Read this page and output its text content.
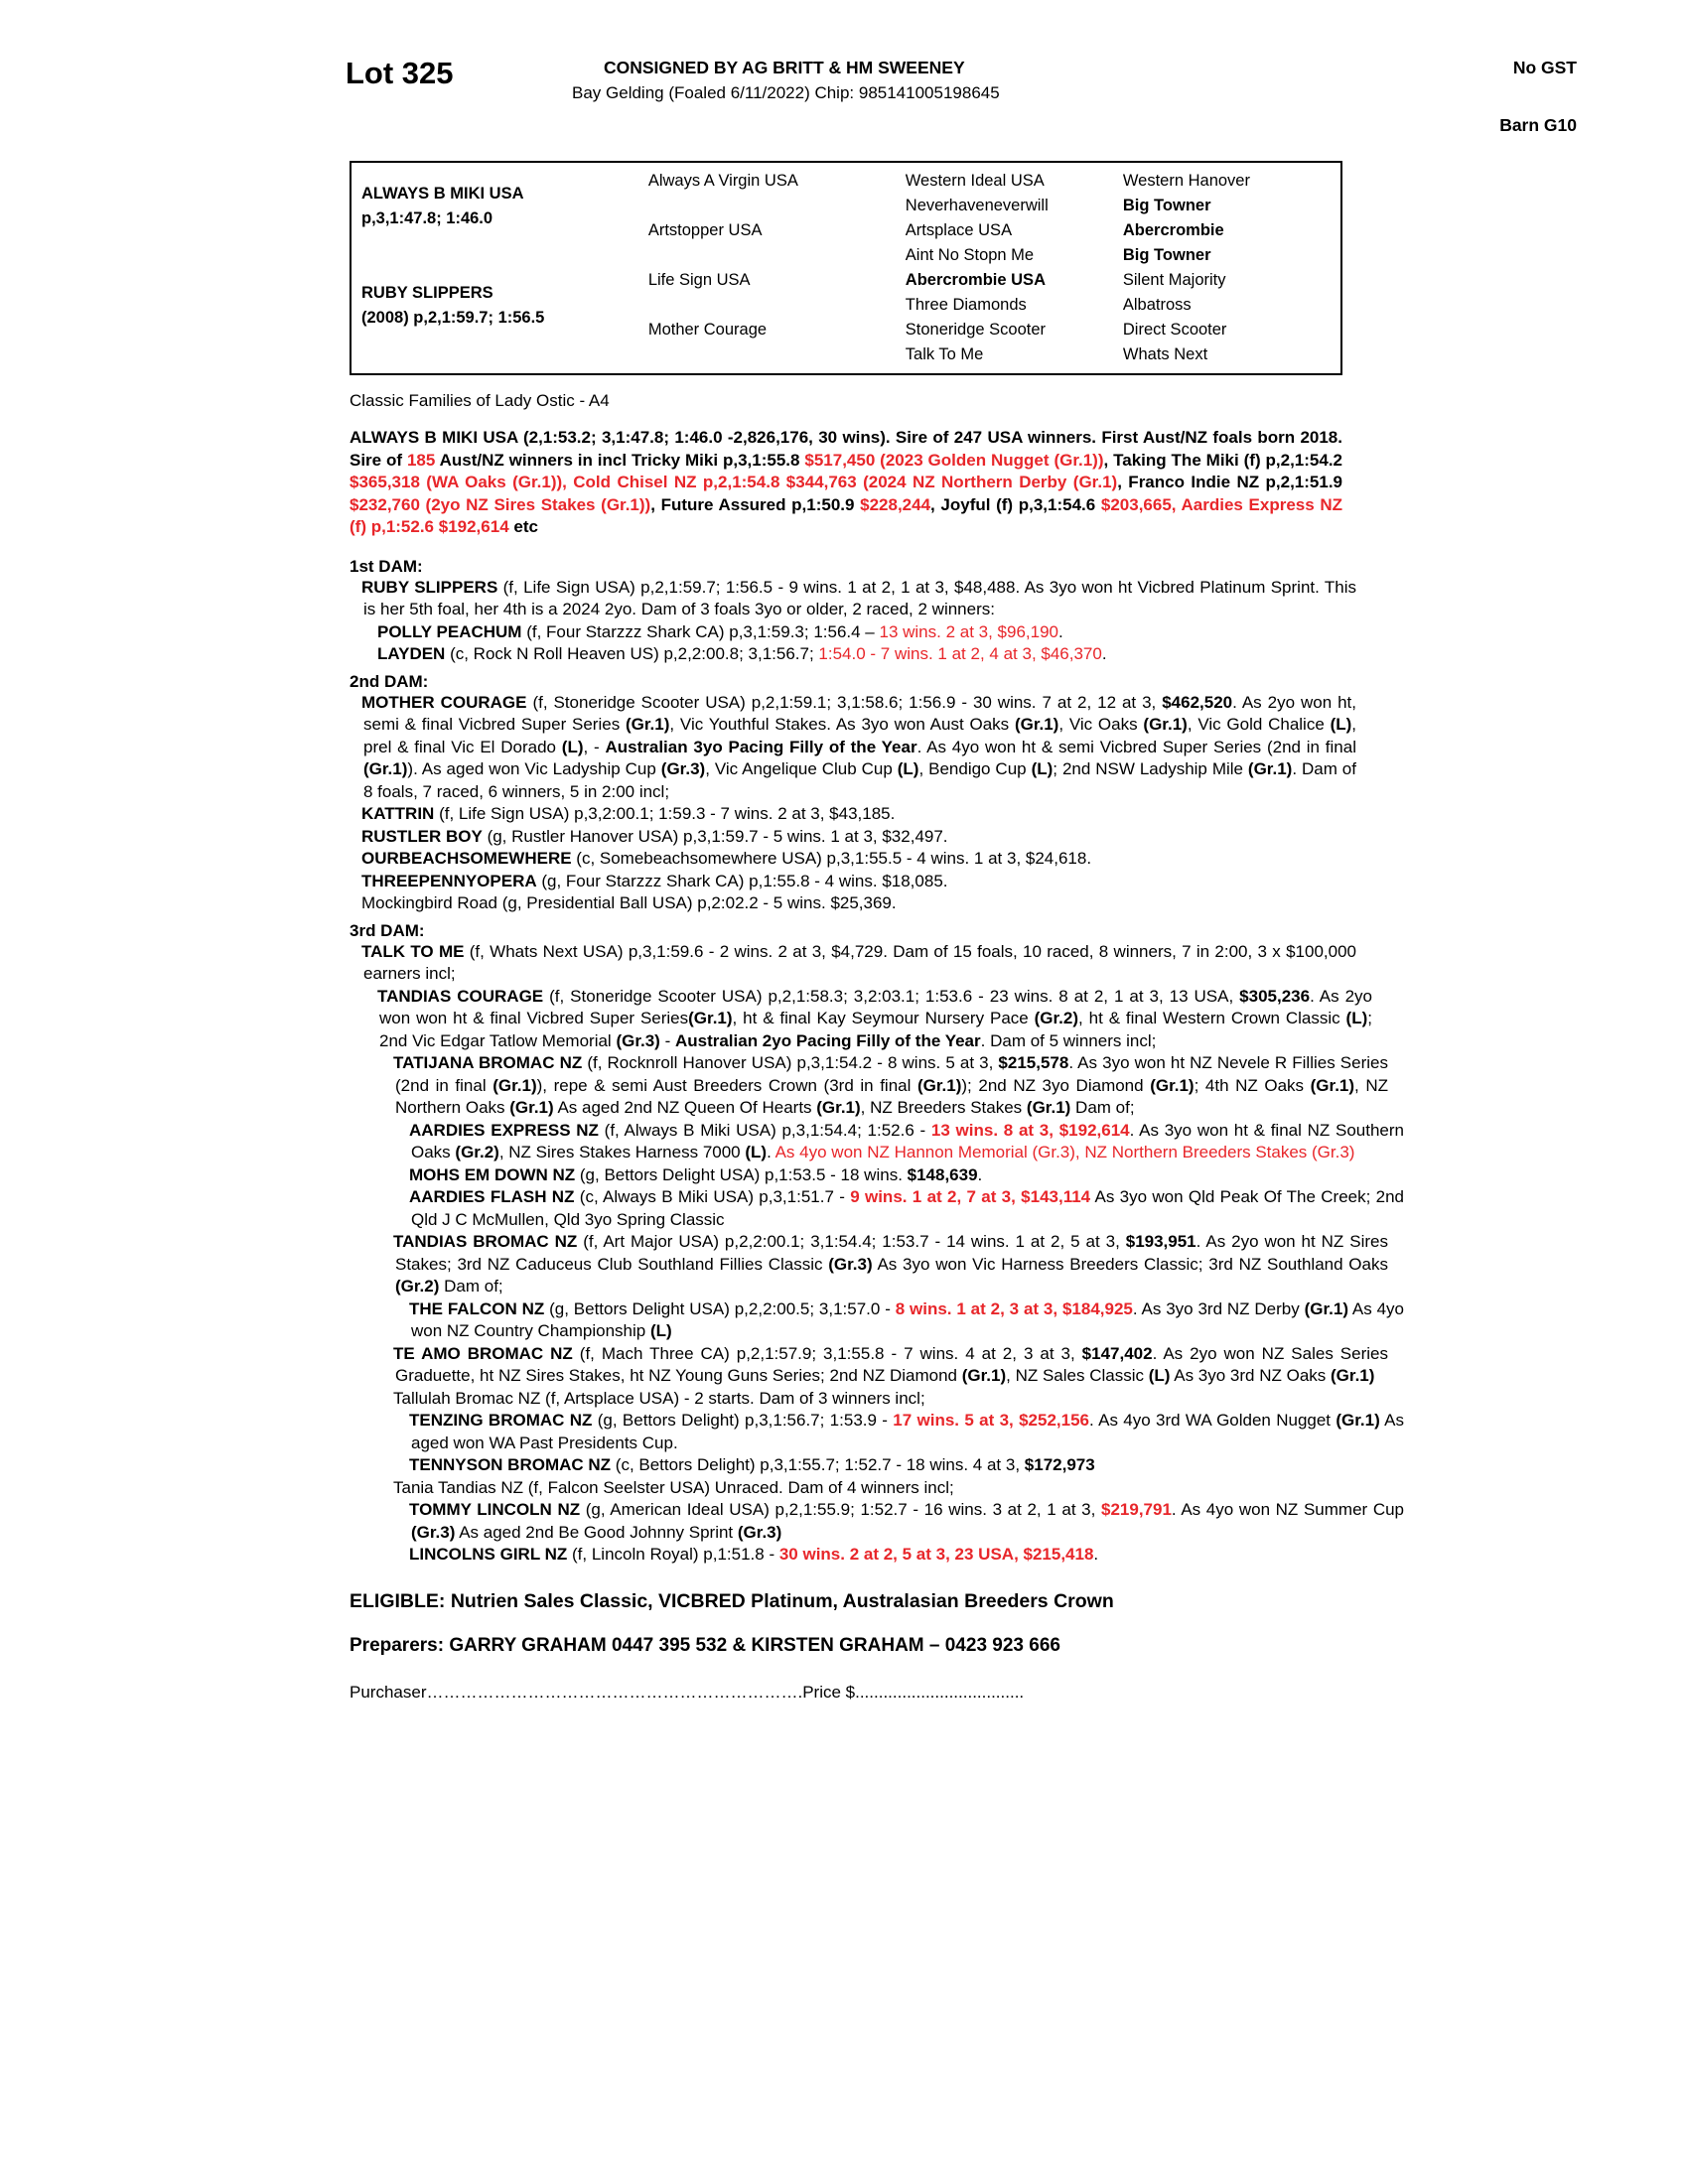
Lot 325	CONSIGNED BY AG BRITT & HM SWEENEY
Bay Gelding (Foaled 6/11/2022) Chip: 985141005198645
No GST
Barn G10
ALWAYS B MIKI USA
p,3,1:47.8; 1:46.0
RUBY SLIPPERS
(2008) p,2,1:59.7; 1:56.5
Always A Virgin USA
Artstopper USA
Life Sign USA
Mother Courage
Western Ideal USA
Neverhaveneverwill
Artsplace USA
Aint No Stopn Me
Abercrombie USA
Three Diamonds
Stoneridge Scooter
Talk To Me
Western Hanover
Big Towner
Abercrombie
Big Towner
Silent Majority
Albatross
Direct Scooter
Whats Next
Classic Families of Lady Ostic - A4
ALWAYS B MIKI USA (2,1:53.2; 3,1:47.8; 1:46.0 -2,826,176, 30 wins). Sire of 247 USA winners. First Aust/NZ foals born 2018. Sire of 185 Aust/NZ winners in incl Tricky Miki p,3,1:55.8 $517,450 (2023 Golden Nugget (Gr.1)), Taking The Miki (f) p,2,1:54.2 $365,318 (WA Oaks (Gr.1)), Cold Chisel NZ p,2,1:54.8 $344,763 (2024 NZ Northern Derby (Gr.1), Franco Indie NZ p,2,1:51.9 $232,760 (2yo NZ Sires Stakes (Gr.1)), Future Assured p,1:50.9 $228,244, Joyful (f) p,3,1:54.6 $203,665, Aardies Express NZ (f) p,1:52.6 $192,614 etc
1st DAM:
RUBY SLIPPERS (f, Life Sign USA) p,2,1:59.7; 1:56.5 - 9 wins. 1 at 2, 1 at 3, $48,488. As 3yo won ht Vicbred Platinum Sprint. This is her 5th foal, her 4th is a 2024 2yo. Dam of 3 foals 3yo or older, 2 raced, 2 winners:
POLLY PEACHUM (f, Four Starzzz Shark CA) p,3,1:59.3; 1:56.4 – 13 wins. 2 at 3, $96,190.
LAYDEN (c, Rock N Roll Heaven US) p,2,2:00.8; 3,1:56.7; 1:54.0 - 7 wins. 1 at 2, 4 at 3, $46,370.
2nd DAM:
MOTHER COURAGE (f, Stoneridge Scooter USA) p,2,1:59.1; 3,1:58.6; 1:56.9 - 30 wins. 7 at 2, 12 at 3, $462,520. As 2yo won ht, semi & final Vicbred Super Series (Gr.1), Vic Youthful Stakes. As 3yo won Aust Oaks (Gr.1), Vic Oaks (Gr.1), Vic Gold Chalice (L), prel & final Vic El Dorado (L), - Australian 3yo Pacing Filly of the Year. As 4yo won ht & semi Vicbred Super Series (2nd in final (Gr.1)). As aged won Vic Ladyship Cup (Gr.3), Vic Angelique Club Cup (L), Bendigo Cup (L); 2nd NSW Ladyship Mile (Gr.1). Dam of 8 foals, 7 raced, 6 winners, 5 in 2:00 incl;
KATTRIN (f, Life Sign USA) p,3,2:00.1; 1:59.3 - 7 wins. 2 at 3, $43,185.
RUSTLER BOY (g, Rustler Hanover USA) p,3,1:59.7 - 5 wins. 1 at 3, $32,497.
OURBEACHSOMEWHERE (c, Somebeachsomewhere USA) p,3,1:55.5 - 4 wins. 1 at 3, $24,618.
THREEPENNYOPERA (g, Four Starzzz Shark CA) p,1:55.8 - 4 wins. $18,085.
Mockingbird Road (g, Presidential Ball USA) p,2:02.2 - 5 wins. $25,369.
3rd DAM:
TALK TO ME (f, Whats Next USA) p,3,1:59.6 - 2 wins. 2 at 3, $4,729. Dam of 15 foals, 10 raced, 8 winners, 7 in 2:00, 3 x $100,000 earners incl;
TANDIAS COURAGE (f, Stoneridge Scooter USA) p,2,1:58.3; 3,2:03.1; 1:53.6 - 23 wins. 8 at 2, 1 at 3, 13 USA, $305,236. As 2yo won won ht & final Vicbred Super Series(Gr.1), ht & final Kay Seymour Nursery Pace (Gr.2), ht & final Western Crown Classic (L); 2nd Vic Edgar Tatlow Memorial (Gr.3) - Australian 2yo Pacing Filly of the Year. Dam of 5 winners incl;
TATIJANA BROMAC NZ (f, Rocknroll Hanover USA) p,3,1:54.2 - 8 wins. 5 at 3, $215,578. As 3yo won ht NZ Nevele R Fillies Series (2nd in final (Gr.1)), repe & semi Aust Breeders Crown (3rd in final (Gr.1)); 2nd NZ 3yo Diamond (Gr.1); 4th NZ Oaks (Gr.1), NZ Northern Oaks (Gr.1) As aged 2nd NZ Queen Of Hearts (Gr.1), NZ Breeders Stakes (Gr.1) Dam of;
AARDIES EXPRESS NZ (f, Always B Miki USA) p,3,1:54.4; 1:52.6 - 13 wins. 8 at 3, $192,614. As 3yo won ht & final NZ Southern Oaks (Gr.2), NZ Sires Stakes Harness 7000 (L). As 4yo won NZ Hannon Memorial (Gr.3), NZ Northern Breeders Stakes (Gr.3)
MOHS EM DOWN NZ (g, Bettors Delight USA) p,1:53.5 - 18 wins. $148,639.
AARDIES FLASH NZ (c, Always B Miki USA) p,3,1:51.7 - 9 wins. 1 at 2, 7 at 3, $143,114 As 3yo won Qld Peak Of The Creek; 2nd Qld J C McMullen, Qld 3yo Spring Classic
TANDIAS BROMAC NZ (f, Art Major USA) p,2,2:00.1; 3,1:54.4; 1:53.7 - 14 wins. 1 at 2, 5 at 3, $193,951. As 2yo won ht NZ Sires Stakes; 3rd NZ Caduceus Club Southland Fillies Classic (Gr.3) As 3yo won Vic Harness Breeders Classic; 3rd NZ Southland Oaks (Gr.2) Dam of;
THE FALCON NZ (g, Bettors Delight USA) p,2,2:00.5; 3,1:57.0 - 8 wins. 1 at 2, 3 at 3, $184,925. As 3yo 3rd NZ Derby (Gr.1) As 4yo won NZ Country Championship (L)
TE AMO BROMAC NZ (f, Mach Three CA) p,2,1:57.9; 3,1:55.8 - 7 wins. 4 at 2, 3 at 3, $147,402. As 2yo won NZ Sales Series Graduette, ht NZ Sires Stakes, ht NZ Young Guns Series; 2nd NZ Diamond (Gr.1), NZ Sales Classic (L) As 3yo 3rd NZ Oaks (Gr.1)
Tallulah Bromac NZ (f, Artsplace USA) - 2 starts. Dam of 3 winners incl;
TENZING BROMAC NZ (g, Bettors Delight) p,3,1:56.7; 1:53.9 - 17 wins. 5 at 3, $252,156. As 4yo 3rd WA Golden Nugget (Gr.1) As aged won WA Past Presidents Cup.
TENNYSON BROMAC NZ (c, Bettors Delight) p,3,1:55.7; 1:52.7 - 18 wins. 4 at 3, $172,973
Tania Tandias NZ (f, Falcon Seelster USA) Unraced. Dam of 4 winners incl;
TOMMY LINCOLN NZ (g, American Ideal USA) p,2,1:55.9; 1:52.7 - 16 wins. 3 at 2, 1 at 3, $219,791. As 4yo won NZ Summer Cup (Gr.3) As aged 2nd Be Good Johnny Sprint (Gr.3)
LINCOLNS GIRL NZ (f, Lincoln Royal) p,1:51.8 - 30 wins. 2 at 2, 5 at 3, 23 USA, $215,418.
ELIGIBLE: Nutrien Sales Classic, VICBRED Platinum, Australasian Breeders Crown
Preparers: GARRY GRAHAM 0447 395 532 & KIRSTEN GRAHAM – 0423 923 666
Purchaser………………………………………………………….Price $....................................
